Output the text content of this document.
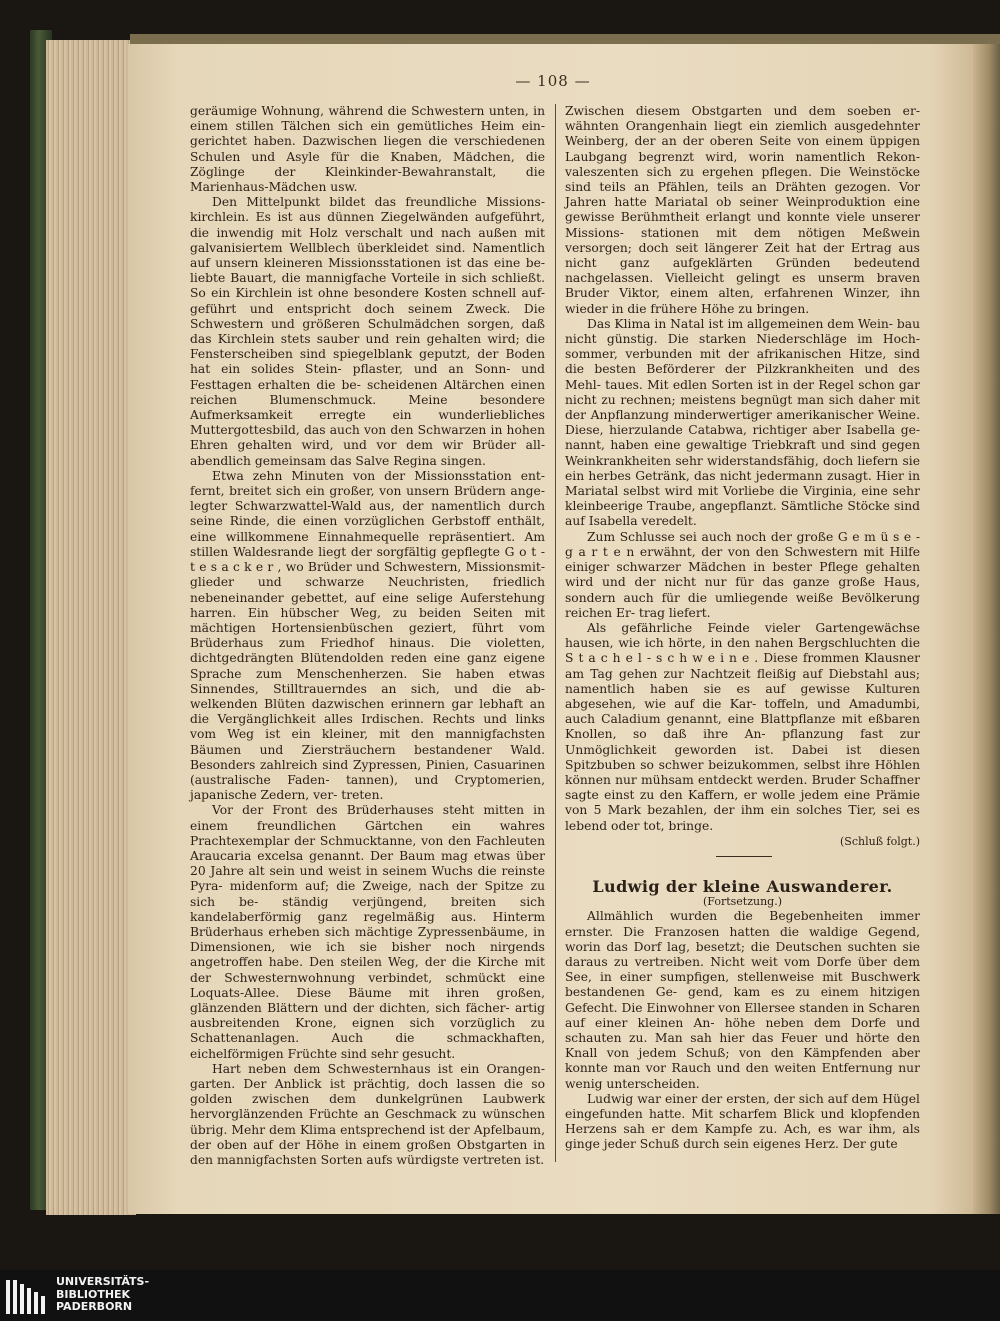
— 108 —

geräumige Wohnung, während die Schwestern unten, in einem stillen Tälchen sich ein gemütliches Heim ein- gerichtet haben. Dazwischen liegen die verschiedenen Schulen und Asyle für die Knaben, Mädchen, die Zöglinge der Kleinkinder-Bewahranstalt, die Marienhaus-Mädchen usw.

Den Mittelpunkt bildet das freundliche Missions- kirchlein. Es ist aus dünnen Ziegelwänden aufgeführt, die inwendig mit Holz verschalt und nach außen mit galvanisiertem Wellblech überkleidet sind. Namentlich auf unsern kleineren Missionsstationen ist das eine be- liebte Bauart, die mannigfache Vorteile in sich schließt. So ein Kirchlein ist ohne besondere Kosten schnell auf- geführt und entspricht doch seinem Zweck. Die Schwestern und größeren Schulmädchen sorgen, daß das Kirchlein stets sauber und rein gehalten wird; die Fensterscheiben sind spiegelblank geputzt, der Boden hat ein solides Stein- pflaster, und an Sonn- und Festtagen erhalten die be- scheidenen Altärchen einen reichen Blumenschmuck. Meine besondere Aufmerksamkeit erregte ein wunderliebliches Muttergottesbild, das auch von den Schwarzen in hohen Ehren gehalten wird, und vor dem wir Brüder all- abendlich gemeinsam das Salve Regina singen.

Etwa zehn Minuten von der Missionsstation ent- fernt, breitet sich ein großer, von unsern Brüdern ange- legter Schwarzwattel-Wald aus, der namentlich durch seine Rinde, die einen vorzüglichen Gerbstoff enthält, eine willkommene Einnahmequelle repräsentiert. Am stillen Waldesrande liegt der sorgfältig gepflegte G o t - t e s a c k e r , wo Brüder und Schwestern, Missionsmit- glieder und schwarze Neuchristen, friedlich nebeneinander gebettet, auf eine selige Auferstehung harren. Ein hübscher Weg, zu beiden Seiten mit mächtigen Hortensienbüschen geziert, führt vom Brüderhaus zum Friedhof hinaus. Die violetten, dichtgedrängten Blütendolden reden eine ganz eigene Sprache zum Menschenherzen. Sie haben etwas Sinnendes, Stilltrauerndes an sich, und die ab- welkenden Blüten dazwischen erinnern gar lebhaft an die Vergänglichkeit alles Irdischen. Rechts und links vom Weg ist ein kleiner, mit den mannigfachsten Bäumen und Ziersträuchern bestandener Wald. Besonders zahlreich sind Zypressen, Pinien, Casuarinen (australische Faden- tannen), und Cryptomerien, japanische Zedern, ver- treten.

Vor der Front des Brüderhauses steht mitten in einem freundlichen Gärtchen ein wahres Prachtexemplar der Schmucktanne, von den Fachleuten Araucaria excelsa genannt. Der Baum mag etwas über 20 Jahre alt sein und weist in seinem Wuchs die reinste Pyra- midenform auf; die Zweige, nach der Spitze zu sich be- ständig verjüngend, breiten sich kandelaberförmig ganz regelmäßig aus. Hinterm Brüderhaus erheben sich mächtige Zypressenbäume, in Dimensionen, wie ich sie bisher noch nirgends angetroffen habe. Den steilen Weg, der die Kirche mit der Schwesternwohnung verbindet, schmückt eine Loquats-Allee. Diese Bäume mit ihren großen, glänzenden Blättern und der dichten, sich fächer- artig ausbreitenden Krone, eignen sich vorzüglich zu Schattenanlagen. Auch die schmackhaften, eichelförmigen Früchte sind sehr gesucht.

Hart neben dem Schwesternhaus ist ein Orangen- garten. Der Anblick ist prächtig, doch lassen die so golden zwischen dem dunkelgrünen Laubwerk hervorglänzenden Früchte an Geschmack zu wünschen übrig. Mehr dem Klima entsprechend ist der Apfelbaum, der oben auf der Höhe in einem großen Obstgarten in den mannigfachsten Sorten aufs würdigste vertreten ist.

Zwischen diesem Obstgarten und dem soeben er- wähnten Orangenhain liegt ein ziemlich ausgedehnter Weinberg, der an der oberen Seite von einem üppigen Laubgang begrenzt wird, worin namentlich Rekon- valeszenten sich zu ergehen pflegen. Die Weinstöcke sind teils an Pfählen, teils an Drähten gezogen. Vor Jahren hatte Mariatal ob seiner Weinproduktion eine gewisse Berühmtheit erlangt und konnte viele unserer Missions- stationen mit dem nötigen Meßwein versorgen; doch seit längerer Zeit hat der Ertrag aus nicht ganz aufgeklärten Gründen bedeutend nachgelassen. Vielleicht gelingt es unserm braven Bruder Viktor, einem alten, erfahrenen Winzer, ihn wieder in die frühere Höhe zu bringen.

Das Klima in Natal ist im allgemeinen dem Wein- bau nicht günstig. Die starken Niederschläge im Hoch- sommer, verbunden mit der afrikanischen Hitze, sind die besten Beförderer der Pilzkrankheiten und des Mehl- taues. Mit edlen Sorten ist in der Regel schon gar nicht zu rechnen; meistens begnügt man sich daher mit der Anpflanzung minderwertiger amerikanischer Weine. Diese, hierzulande Catabwa, richtiger aber Isabella ge- nannt, haben eine gewaltige Triebkraft und sind gegen Weinkrankheiten sehr widerstandsfähig, doch liefern sie ein herbes Getränk, das nicht jedermann zusagt. Hier in Mariatal selbst wird mit Vorliebe die Virginia, eine sehr kleinbeerige Traube, angepflanzt. Sämtliche Stöcke sind auf Isabella veredelt.

Zum Schlusse sei auch noch der große G e m ü s e - g a r t e n erwähnt, der von den Schwestern mit Hilfe einiger schwarzer Mädchen in bester Pflege gehalten wird und der nicht nur für das ganze große Haus, sondern auch für die umliegende weiße Bevölkerung reichen Er- trag liefert.

Als gefährliche Feinde vieler Gartengewächse hausen, wie ich hörte, in den nahen Bergschluchten die S t a c h e l - s c h w e i n e . Diese frommen Klausner am Tag gehen zur Nachtzeit fleißig auf Diebstahl aus; namentlich haben sie es auf gewisse Kulturen abgesehen, wie auf die Kar- toffeln, und Amadumbi, auch Caladium genannt, eine Blattpflanze mit eßbaren Knollen, so daß ihre An- pflanzung fast zur Unmöglichkeit geworden ist. Dabei ist diesen Spitzbuben so schwer beizukommen, selbst ihre Höhlen können nur mühsam entdeckt werden. Bruder Schaffner sagte einst zu den Kaffern, er wolle jedem eine Prämie von 5 Mark bezahlen, der ihm ein solches Tier, sei es lebend oder tot, bringe.

(Schluß folgt.)

Ludwig der kleine Auswanderer.

(Fortsetzung.)

Allmählich wurden die Begebenheiten immer ernster. Die Franzosen hatten die waldige Gegend, worin das Dorf lag, besetzt; die Deutschen suchten sie daraus zu vertreiben. Nicht weit vom Dorfe über dem See, in einer sumpfigen, stellenweise mit Buschwerk bestandenen Ge- gend, kam es zu einem hitzigen Gefecht. Die Einwohner von Ellersee standen in Scharen auf einer kleinen An- höhe neben dem Dorfe und schauten zu. Man sah hier das Feuer und hörte den Knall von jedem Schuß; von den Kämpfenden aber konnte man vor Rauch und den weiten Entfernung nur wenig unterscheiden.

Ludwig war einer der ersten, der sich auf dem Hügel eingefunden hatte. Mit scharfem Blick und klopfenden Herzens sah er dem Kampfe zu. Ach, es war ihm, als ginge jeder Schuß durch sein eigenes Herz. Der gute

UNIVERSITÄTS-
BIBLIOTHEK
PADERBORN
